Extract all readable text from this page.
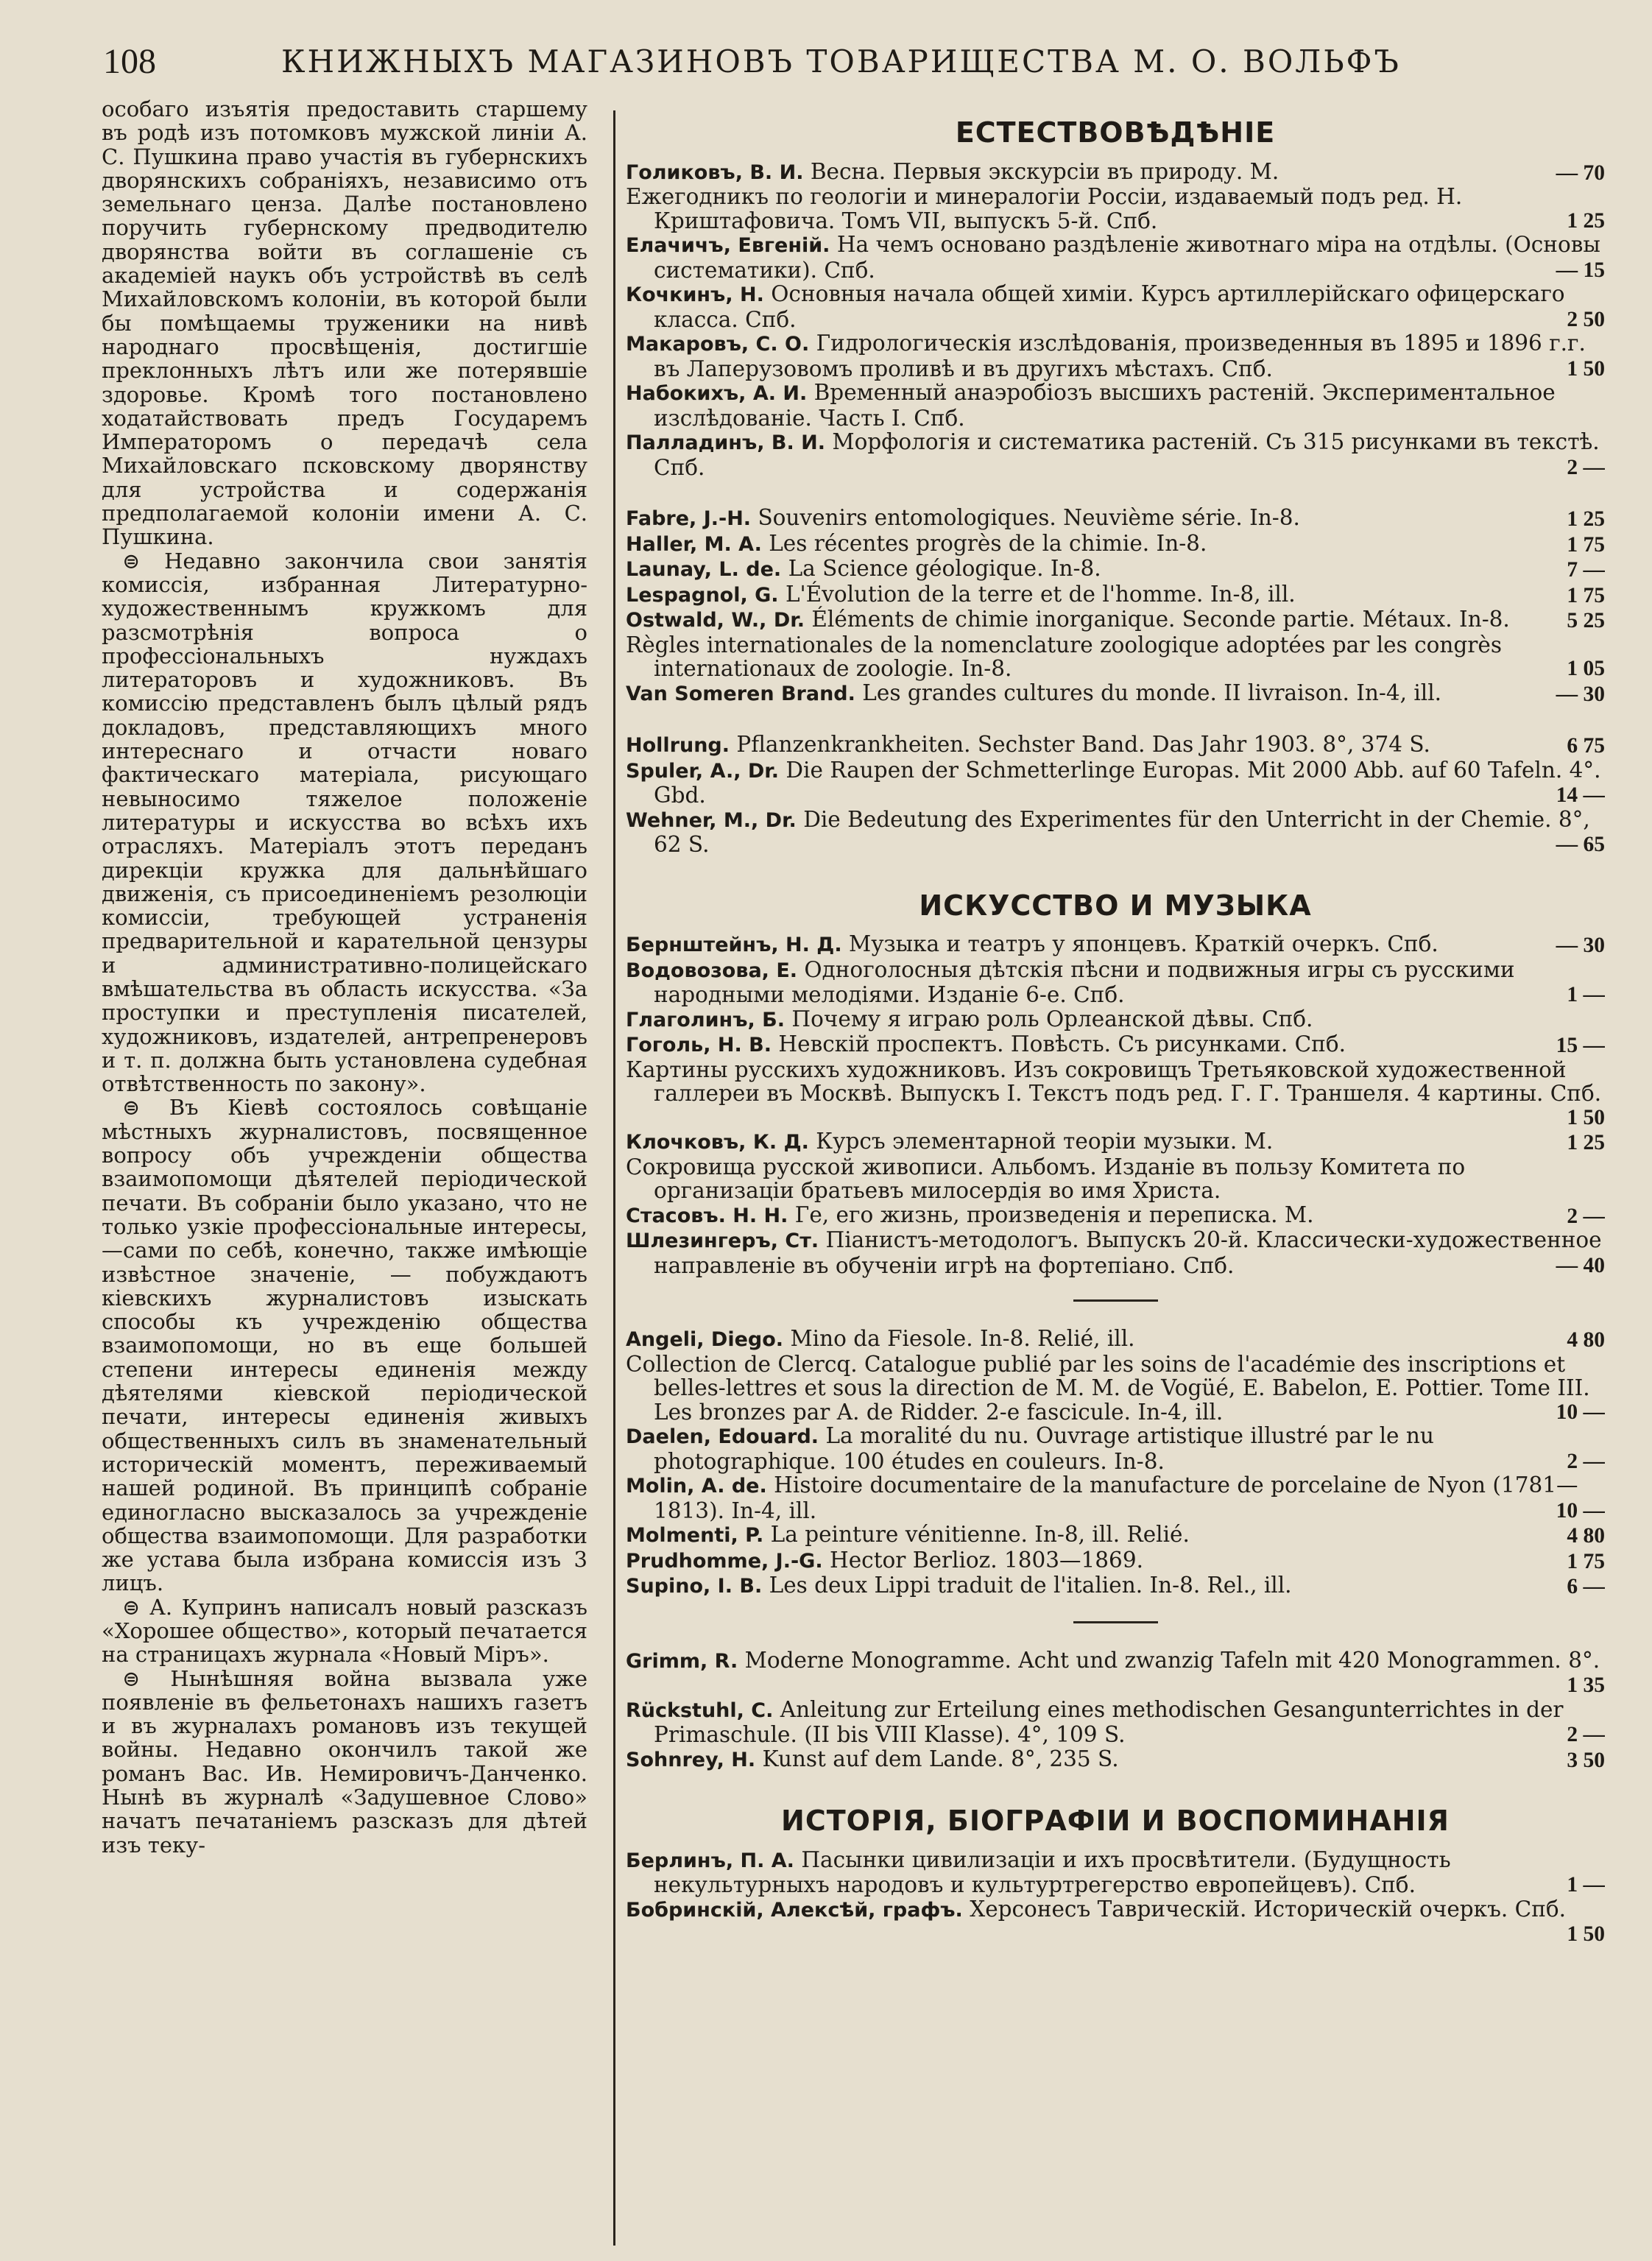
108	КНИЖНЫХЪ МАГАЗИНОВЪ ТОВАРИЩЕСТВА М. О. ВОЛЬФЪ

особаго изъятія предоставить старшему въ родѣ изъ потомковъ мужской линіи А. С. Пушкина право участія въ губернскихъ дворянскихъ собраніяхъ, независимо отъ земельнаго ценза. Далѣе постановлено поручить губернскому предводителю дворянства войти въ соглашеніе съ академіей наукъ объ устройствѣ въ селѣ Михайловскомъ колоніи, въ которой были бы помѣщаемы труженики на нивѣ народнаго просвѣщенія, достигшіе преклонныхъ лѣтъ или же потерявшіе здоровье. Кромѣ того постановлено ходатайствовать предъ Государемъ Императоромъ о передачѣ села Михайловскаго псковскому дворянству для устройства и содержанія предполагаемой колоніи имени А. С. Пушкина.

⊜ Недавно закончила свои занятія комиссія, избранная Литературно-художественнымъ кружкомъ для разсмотрѣнія вопроса о профессіональныхъ нуждахъ литераторовъ и художниковъ. Въ комиссію представленъ былъ цѣлый рядъ докладовъ, представляющихъ много интереснаго и отчасти новаго фактическаго матеріала, рисующаго невыносимо тяжелое положеніе литературы и искусства во всѣхъ ихъ отрасляхъ. Матеріалъ этотъ переданъ дирекціи кружка для дальнѣйшаго движенія, съ присоединеніемъ резолюціи комиссіи, требующей устраненія предварительной и карательной цензуры и административно-полицейскаго вмѣшательства въ область искусства. «За проступки и преступленія писателей, художниковъ, издателей, антрепренеровъ и т. п. должна быть установлена судебная отвѣтственность по закону».

⊜ Въ Кіевѣ состоялось совѣщаніе мѣстныхъ журналистовъ, посвященное вопросу объ учрежденіи общества взаимопомощи дѣятелей періодической печати. Въ собраніи было указано, что не только узкіе профессіональные интересы,—сами по себѣ, конечно, также имѣющіе извѣстное значеніе, — побуждаютъ кіевскихъ журналистовъ изыскать способы къ учрежденію общества взаимопомощи, но въ еще большей степени интересы единенія между дѣятелями кіевской періодической печати, интересы единенія живыхъ общественныхъ силъ въ знаменательный историческій моментъ, переживаемый нашей родиной. Въ принципѣ собраніе единогласно высказалось за учрежденіе общества взаимопомощи. Для разработки же устава была избрана комиссія изъ 3 лицъ.

⊜ А. Купринъ написалъ новый разсказъ «Хорошее общество», который печатается на страницахъ журнала «Новый Міръ».

⊜ Нынѣшняя война вызвала уже появленіе въ фельетонахъ нашихъ газетъ и въ журналахъ романовъ изъ текущей войны. Недавно окончилъ такой же романъ Вас. Ив. Немировичъ-Данченко. Нынѣ въ журналѣ «Задушевное Слово» начатъ печатаніемъ разсказъ для дѣтей изъ теку-

ЕСТЕСТВОВѢДѢНІЕ
Голиковъ, В. И. Весна. Первыя экскурсіи въ природу. М.	— 70
Ежегодникъ по геологіи и минералогіи Россіи, издаваемый подъ ред. Н. Криштафовича. Томъ VII, выпускъ 5-й. Спб.	1 25
Елачичъ, Евгеній. На чемъ основано раздѣленіе животнаго міра на отдѣлы. (Основы систематики). Спб.	— 15
Кочкинъ, Н. Основныя начала общей химіи. Курсъ артиллерійскаго офицерскаго класса. Спб.	2 50
Макаровъ, С. О. Гидрологическія изслѣдованія, произведенныя въ 1895 и 1896 г.г. въ Лаперузовомъ проливѣ и въ другихъ мѣстахъ. Спб.	1 50
Набокихъ, А. И. Временный анаэробіозъ высшихъ растеній. Экспериментальное изслѣдованіе. Часть I. Спб.
Палладинъ, В. И. Морфологія и систематика растеній. Съ 315 рисунками въ текстѣ. Спб.	2 —
Fabre, J.-H. Souvenirs entomologiques. Neuvième série. In-8.	1 25
Haller, M. A. Les récentes progrès de la chimie. In-8.	1 75
Launay, L. de. La Science géologique. In-8.	7 —
Lespagnol, G. L'Évolution de la terre et de l'homme. In-8, ill.	1 75
Ostwald, W., Dr. Éléments de chimie inorganique. Seconde partie. Métaux. In-8.	5 25
Règles internationales de la nomenclature zoologique adoptées par les congrès internationaux de zoologie. In-8.	1 05
Van Someren Brand. Les grandes cultures du monde. II livraison. In-4, ill.	— 30
Hollrung. Pflanzenkrankheiten. Sechster Band. Das Jahr 1903. 8°, 374 S.	6 75
Spuler, A., Dr. Die Raupen der Schmetterlinge Europas. Mit 2000 Abb. auf 60 Tafeln. 4°. Gbd.	14 —
Wehner, M., Dr. Die Bedeutung des Experimentes für den Unterricht in der Chemie. 8°, 62 S.	— 65
ИСКУССТВО И МУЗЫКА
Бернштейнъ, Н. Д. Музыка и театръ у японцевъ. Краткій очеркъ. Спб.	— 30
Водовозова, Е. Одноголосныя дѣтскія пѣсни и подвижныя игры съ русскими народными мелодіями. Изданіе 6-е. Спб.	1 —
Глаголинъ, Б. Почему я играю роль Орлеанской дѣвы. Спб.
Гоголь, Н. В. Невскій проспектъ. Повѣсть. Съ рисунками. Спб.	15 —
Картины русскихъ художниковъ. Изъ сокровищъ Третьяковской художественной галлереи въ Москвѣ. Выпускъ I. Текстъ подъ ред. Г. Г. Траншеля. 4 картины. Спб.
1 50
Клочковъ, К. Д. Курсъ элементарной теоріи музыки. М.	1 25
Сокровища русской живописи. Альбомъ. Изданіе въ пользу Комитета по организаціи братьевъ милосердія во имя Христа.
Стасовъ. Н. Н. Ге, его жизнь, произведенія и переписка. М.	2 —
Шлезингеръ, Ст. Піанистъ-методологъ. Выпускъ 20-й. Классически-художественное направленіе въ обученіи игрѣ на фортепіано. Спб.	— 40
Angeli, Diego. Mino da Fiesole. In-8. Relié, ill.	4 80
Collection de Clercq. Catalogue publié par les soins de l'académie des inscriptions et belles-lettres et sous la direction de M. M. de Vogüé, E. Babelon, E. Pottier. Tome III. Les bronzes par A. de Ridder. 2-e fascicule. In-4, ill.	10 —
Daelen, Edouard. La moralité du nu. Ouvrage artistique illustré par le nu photographique. 100 études en couleurs. In-8.	2 —
Molin, A. de. Histoire documentaire de la manufacture de porcelaine de Nyon (1781—1813). In-4, ill.	10 —
Molmenti, P. La peinture vénitienne. In-8, ill. Relié.	4 80
Prudhomme, J.-G. Hector Berlioz. 1803—1869.	1 75
Supino, I. B. Les deux Lippi traduit de l'italien. In-8. Rel., ill.	6 —
Grimm, R. Moderne Monogramme. Acht und zwanzig Tafeln mit 420 Monogrammen. 8°.
1 35
Rückstuhl, C. Anleitung zur Erteilung eines methodischen Gesangunterrichtes in der Primaschule. (II bis VIII Klasse). 4°, 109 S.	2 —
Sohnrey, H. Kunst auf dem Lande. 8°, 235 S.	3 50
ИСТОРІЯ, БІОГРАФІИ И ВОСПОМИНАНІЯ
Берлинъ, П. А. Пасынки цивилизаціи и ихъ просвѣтители. (Будущность некультурныхъ народовъ и культуртрегерство европейцевъ). Спб.	1 —
Бобринскій, Алексѣй, графъ. Херсонесъ Таврическій. Историческій очеркъ. Спб.
1 50
